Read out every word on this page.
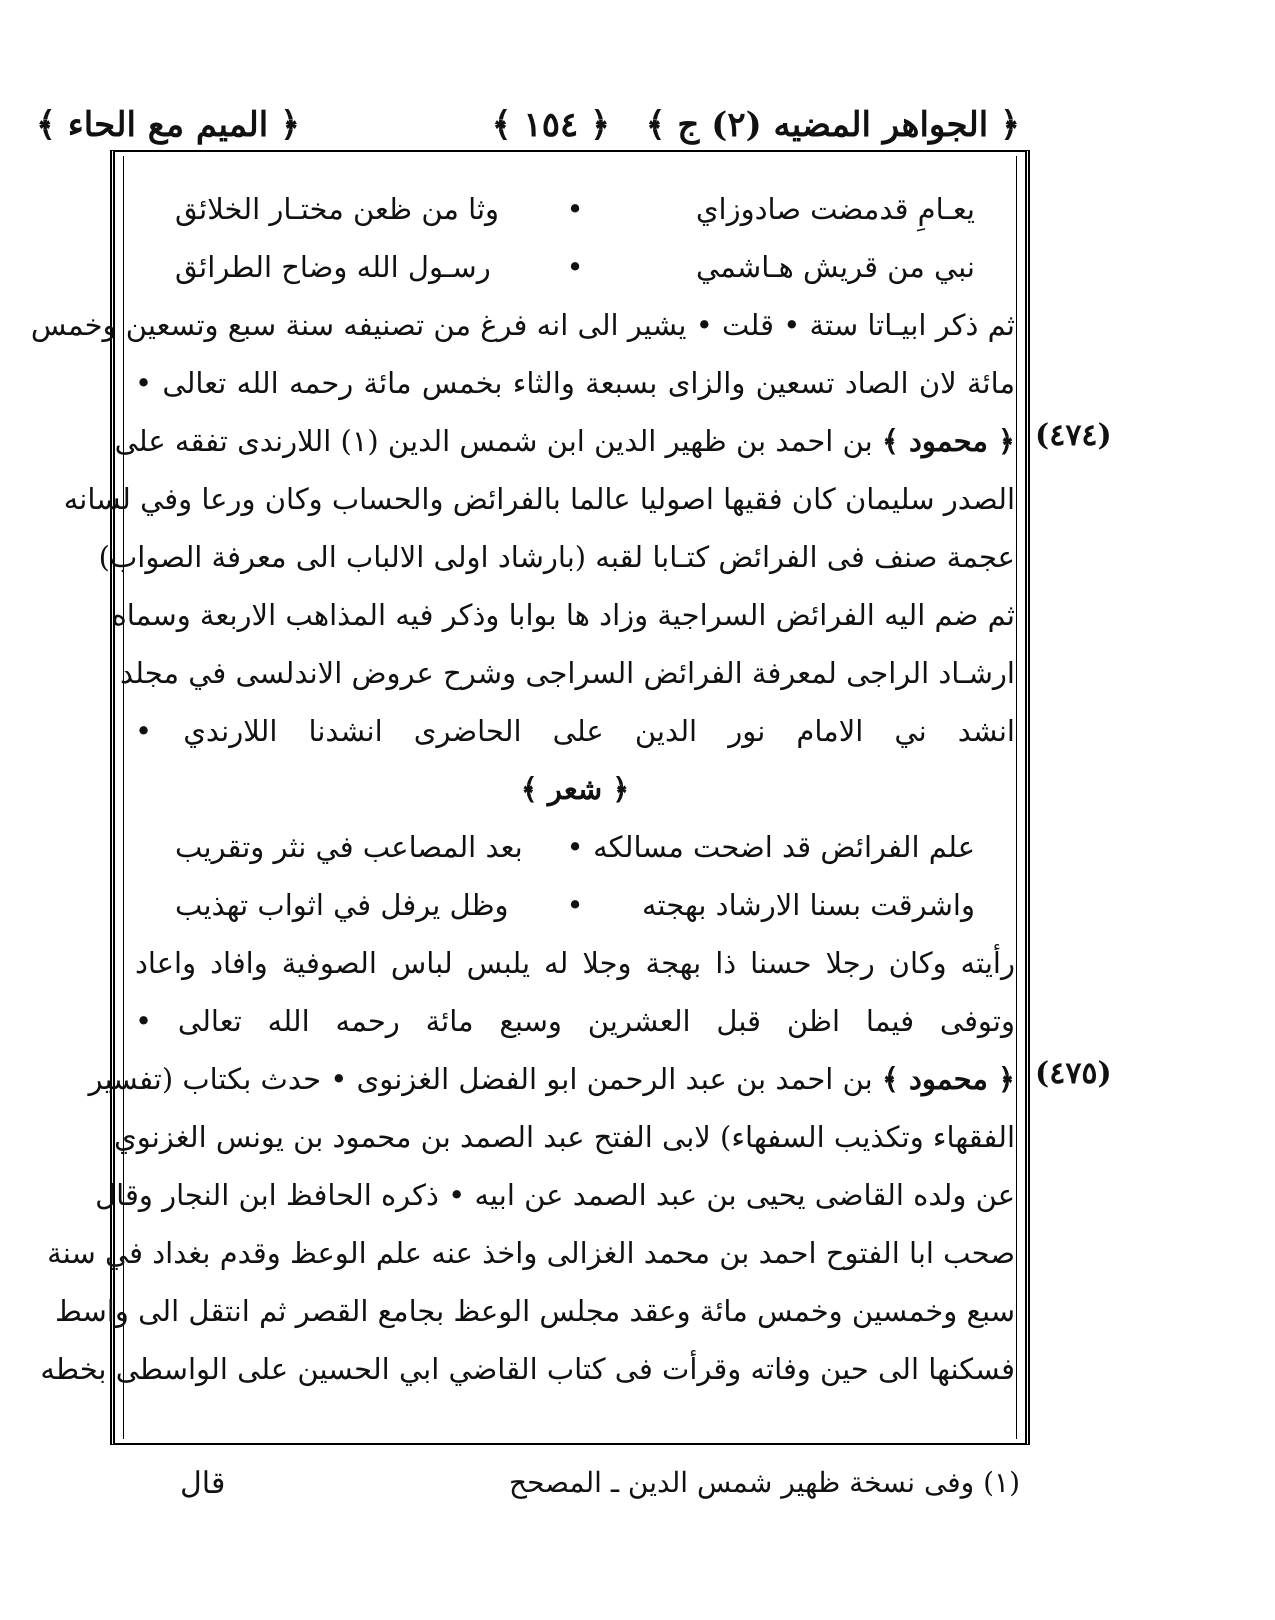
﴿ الجواهر المضيه (٢) ج ﴾
﴿ ١٥٤ ﴾
﴿ الميم مع الحاء ﴾
يعـامِ قدمضت صادوزاي
•
وثا من ظعن مختـار الخلائق
نبي من قريش هـاشمي
•
رسـول الله وضاح الطرائق
ثم ذكر ابيـاتا ستة • قلت • يشير الى انه فرغ من تصنيفه سنة سبع وتسعين وخمس
مائة لان الصاد تسعين والزاى بسبعة والثاء بخمس مائة رحمه الله تعالى •
﴿ محمود ﴾ بن احمد بن ظهير الدين ابن شمس الدين (١) اللارندى تفقه على
الصدر سليمان كان فقيها اصوليا عالما بالفرائض والحساب وكان ورعا وفي لسانه
عجمة صنف فى الفرائض كتـابا لقبه (بارشاد اولى الالباب الى معرفة الصواب)
ثم ضم اليه الفرائض السراجية وزاد ها بوابا وذكر فيه المذاهب الاربعة وسماه
ارشـاد الراجى لمعرفة الفرائض السراجى وشرح عروض الاندلسى في مجلد
انشد ني الامام نور الدين على الحاضرى انشدنا اللارندي •
﴿ شعر ﴾
علم الفرائض قد اضحت مسالكه
•
بعد المصاعب في نثر وتقريب
واشرقت بسنا الارشاد بهجته
•
وظل يرفل في اثواب تهذيب
رأيته وكان رجلا حسنا ذا بهجة وجلا له يلبس لباس الصوفية وافاد واعاد
وتوفى فيما اظن قبل العشرين وسبع مائة رحمه الله تعالى •
﴿ محمود ﴾ بن احمد بن عبد الرحمن ابو الفضل الغزنوى • حدث بكتاب (تفسير
الفقهاء وتكذيب السفهاء) لابى الفتح عبد الصمد بن محمود بن يونس الغزنوي
عن ولده القاضى يحيى بن عبد الصمد عن ابيه • ذكره الحافظ ابن النجار وقال
صحب ابا الفتوح احمد بن محمد الغزالى واخذ عنه علم الوعظ وقدم بغداد في سنة
سبع وخمسين وخمس مائة وعقد مجلس الوعظ بجامع القصر ثم انتقل الى واسط
فسكنها الى حين وفاته وقرأت فى كتاب القاضي ابي الحسين على الواسطى بخطه
(١) وفى نسخة ظهير شمس الدين ـ المصحح
قال
(٤٧٤)
(٤٧٥)
